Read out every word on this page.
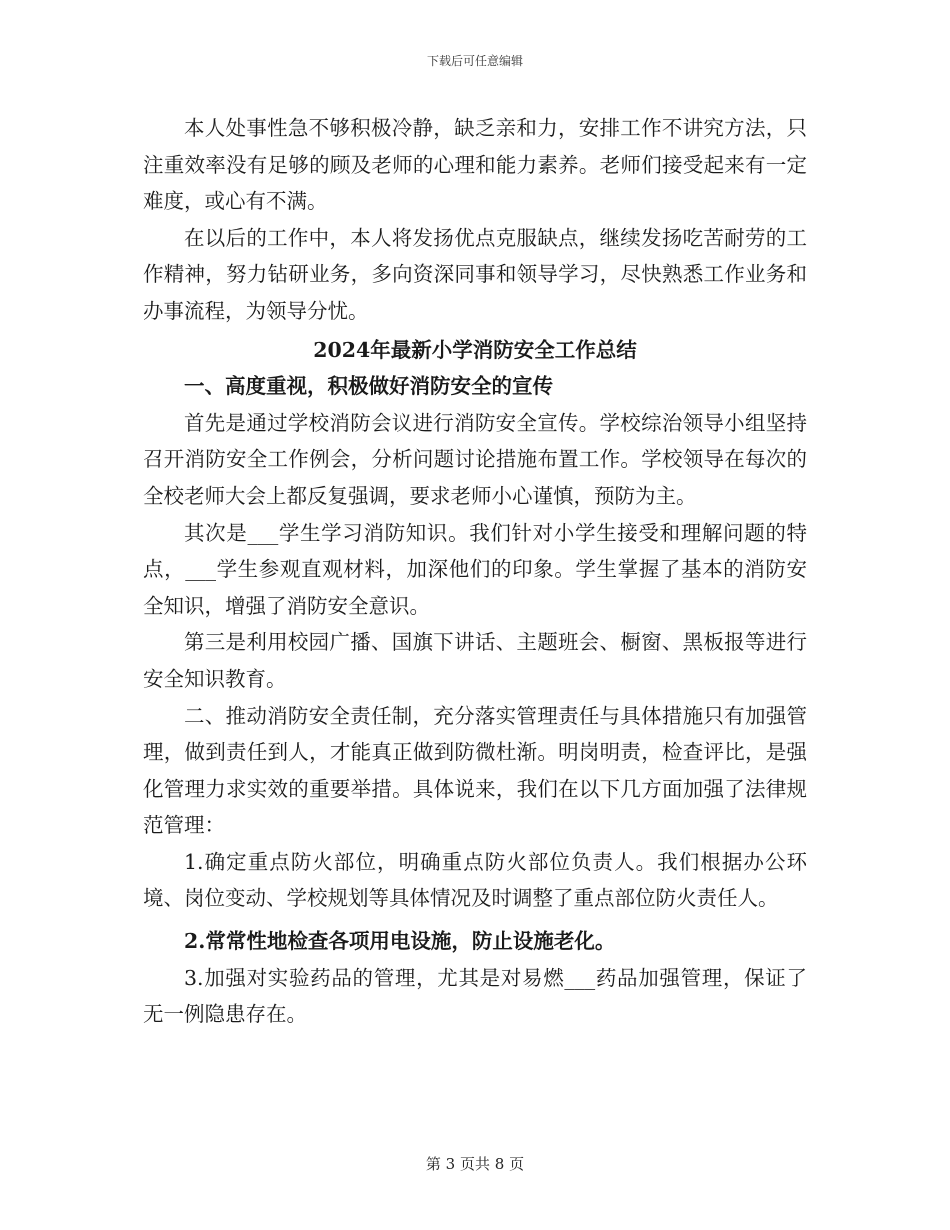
下载后可任意编辑

本人处事性急不够积极冷静，缺乏亲和力，安排工作不讲究方法，只注重效率没有足够的顾及老师的心理和能力素养。老师们接受起来有一定难度，或心有不满。

在以后的工作中，本人将发扬优点克服缺点，继续发扬吃苦耐劳的工作精神，努力钻研业务，多向资深同事和领导学习，尽快熟悉工作业务和办事流程，为领导分忧。

2024年最新小学消防安全工作总结

一、高度重视，积极做好消防安全的宣传

首先是通过学校消防会议进行消防安全宣传。学校综治领导小组坚持召开消防安全工作例会，分析问题讨论措施布置工作。学校领导在每次的全校老师大会上都反复强调，要求老师小心谨慎，预防为主。

其次是___学生学习消防知识。我们针对小学生接受和理解问题的特点，___学生参观直观材料，加深他们的印象。学生掌握了基本的消防安全知识，增强了消防安全意识。

第三是利用校园广播、国旗下讲话、主题班会、橱窗、黑板报等进行安全知识教育。

二、推动消防安全责任制，充分落实管理责任与具体措施只有加强管理，做到责任到人，才能真正做到防微杜渐。明岗明责，检查评比，是强化管理力求实效的重要举措。具体说来，我们在以下几方面加强了法律规范管理：

1.确定重点防火部位，明确重点防火部位负责人。我们根据办公环境、岗位变动、学校规划等具体情况及时调整了重点部位防火责任人。

2.常常性地检查各项用电设施，防止设施老化。

3.加强对实验药品的管理，尤其是对易燃___药品加强管理，保证了无一例隐患存在。

第 3 页共 8 页
